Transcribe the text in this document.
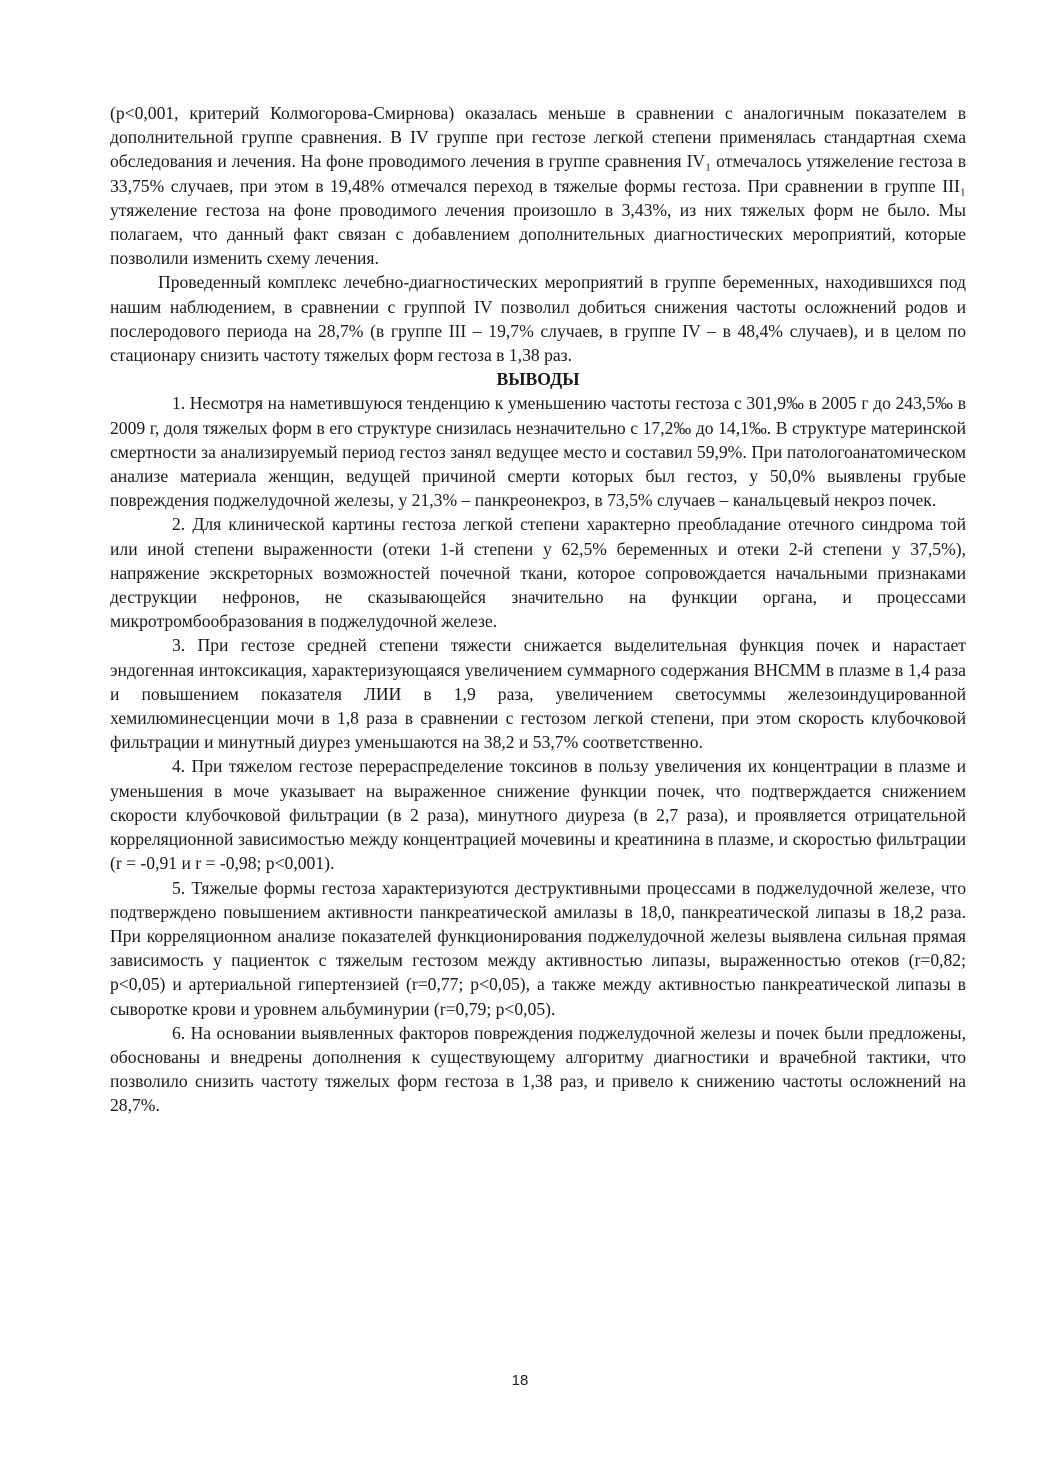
(p<0,001, критерий Колмогорова-Смирнова) оказалась меньше в сравнении с аналогичным показателем в дополнительной группе сравнения. В IV группе при гестозе легкой степени применялась стандартная схема обследования и лечения. На фоне проводимого лечения в группе сравнения IV₁ отмечалось утяжеление гестоза в 33,75% случаев, при этом в 19,48% отмечался переход в тяжелые формы гестоза. При сравнении в группе III₁ утяжеление гестоза на фоне проводимого лечения произошло в 3,43%, из них тяжелых форм не было. Мы полагаем, что данный факт связан с добавлением дополнительных диагностических мероприятий, которые позволили изменить схему лечения.

Проведенный комплекс лечебно-диагностических мероприятий в группе беременных, находившихся под нашим наблюдением, в сравнении с группой IV позволил добиться снижения частоты осложнений родов и послеродового периода на 28,7% (в группе III – 19,7% случаев, в группе IV – в 48,4% случаев), и в целом по стационару снизить частоту тяжелых форм гестоза в 1,38 раз.

ВЫВОДЫ

1. Несмотря на наметившуюся тенденцию к уменьшению частоты гестоза с 301,9‰ в 2005 г до 243,5‰ в 2009 г, доля тяжелых форм в его структуре снизилась незначительно с 17,2‰ до 14,1‰. В структуре материнской смертности за анализируемый период гестоз занял ведущее место и составил 59,9%. При патологоанатомическом анализе материала женщин, ведущей причиной смерти которых был гестоз, у 50,0% выявлены грубые повреждения поджелудочной железы, у 21,3% – панкреонекроз, в 73,5% случаев – канальцевый некроз почек.

2. Для клинической картины гестоза легкой степени характерно преобладание отечного синдрома той или иной степени выраженности (отеки 1-й степени у 62,5% беременных и отеки 2-й степени у 37,5%), напряжение экскреторных возможностей почечной ткани, которое сопровождается начальными признаками деструкции нефронов, не сказывающейся значительно на функции органа, и процессами микротромбообразования в поджелудочной железе.

3. При гестозе средней степени тяжести снижается выделительная функция почек и нарастает эндогенная интоксикация, характеризующаяся увеличением суммарного содержания ВНСММ в плазме в 1,4 раза и повышением показателя ЛИИ в 1,9 раза, увеличением светосуммы железоиндуцированной хемилюминесценции мочи в 1,8 раза в сравнении с гестозом легкой степени, при этом скорость клубочковой фильтрации и минутный диурез уменьшаются на 38,2 и 53,7% соответственно.

4. При тяжелом гестозе перераспределение токсинов в пользу увеличения их концентрации в плазме и уменьшения в моче указывает на выраженное снижение функции почек, что подтверждается снижением скорости клубочковой фильтрации (в 2 раза), минутного диуреза (в 2,7 раза), и проявляется отрицательной корреляционной зависимостью между концентрацией мочевины и креатинина в плазме, и скоростью фильтрации (r = -0,91 и r = -0,98; p<0,001).

5. Тяжелые формы гестоза характеризуются деструктивными процессами в поджелудочной железе, что подтверждено повышением активности панкреатической амилазы в 18,0, панкреатической липазы в 18,2 раза. При корреляционном анализе показателей функционирования поджелудочной железы выявлена сильная прямая зависимость у пациенток с тяжелым гестозом между активностью липазы, выраженностью отеков (r=0,82; p<0,05) и артериальной гипертензией (r=0,77; p<0,05), а также между активностью панкреатической липазы в сыворотке крови и уровнем альбуминурии (r=0,79; p<0,05).

6. На основании выявленных факторов повреждения поджелудочной железы и почек были предложены, обоснованы и внедрены дополнения к существующему алгоритму диагностики и врачебной тактики, что позволило снизить частоту тяжелых форм гестоза в 1,38 раз, и привело к снижению частоты осложнений на 28,7%.

18
